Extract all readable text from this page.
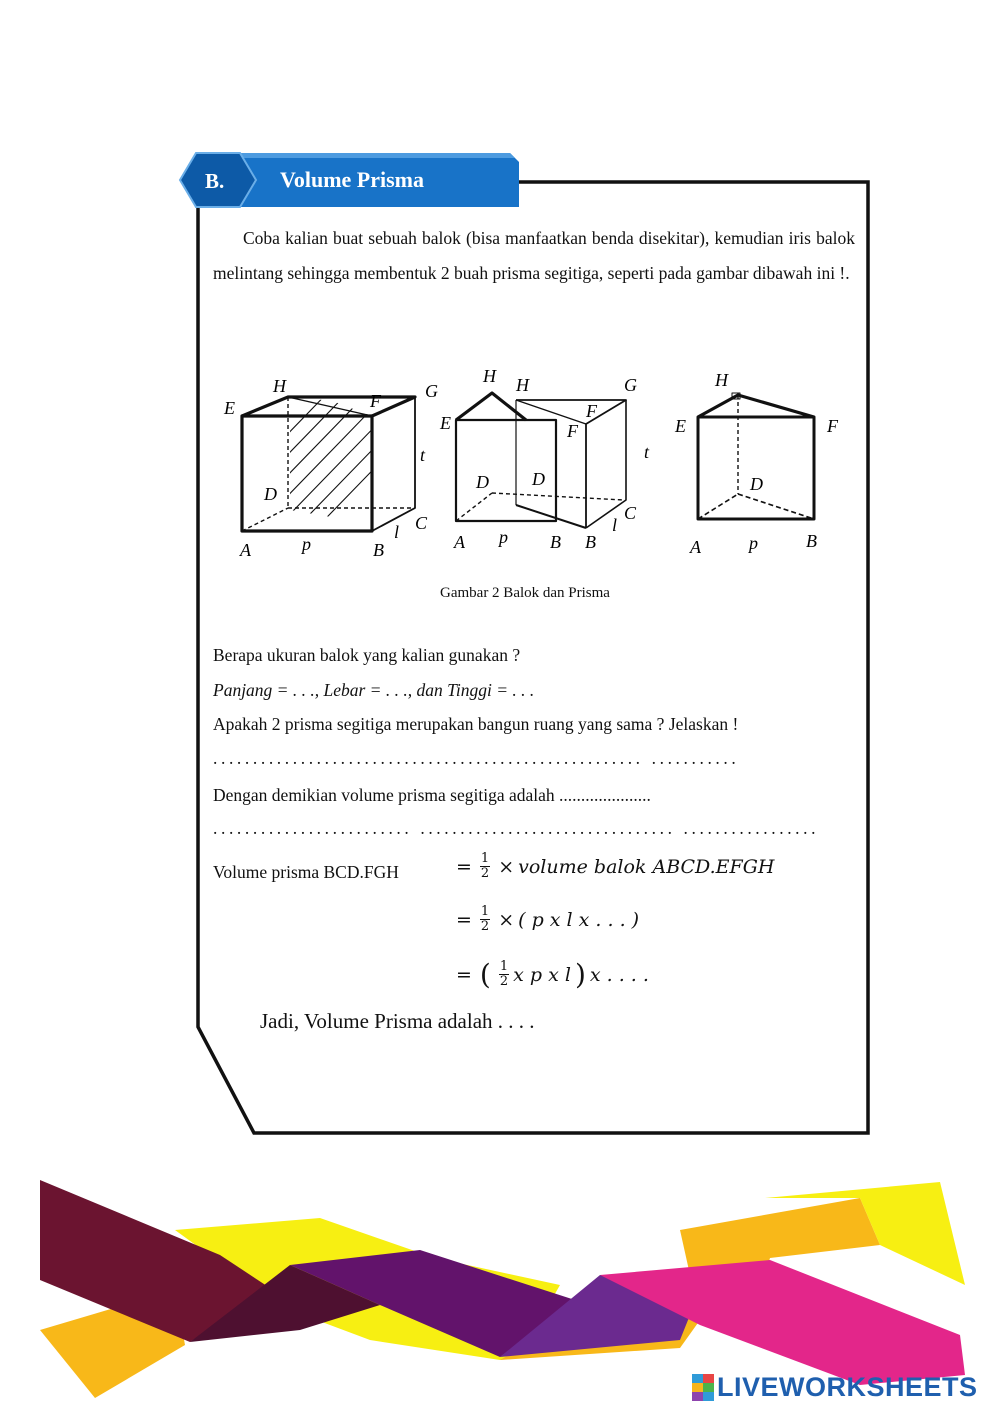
B.	Volume Prisma
Coba kalian buat sebuah balok (bisa manfaatkan benda disekitar), kemudian iris balok melintang sehingga membentuk 2 buah prisma segitiga, seperti pada gambar dibawah ini !.
H
E	F G
t
D
C
l
A	p	B
H H	G
F
F
E
t
D D
C
l
A p B B
H
E	F
D
A	p	B
Gambar 2 Balok dan Prisma
Berapa ukuran balok yang kalian gunakan ?
Panjang = . . ., Lebar = . . ., dan Tinggi = . . .
Apakah 2 prisma segitiga merupakan bangun ruang yang sama ? Jelaskan !
...................................................... ...........
Dengan demikian volume prisma segitiga adalah .....................
......................... ................................ .................
Volume prisma BCD.FGH	= $\frac{1}{2}$ × volume balok ABCD.EFGH
= $\frac{1}{2}$ × ( p x l x . . . )
= ( $\frac{1}{2}$ x p x l ) x . . . .
Jadi, Volume Prisma adalah . . . .
LIVEWORKSHEETS
